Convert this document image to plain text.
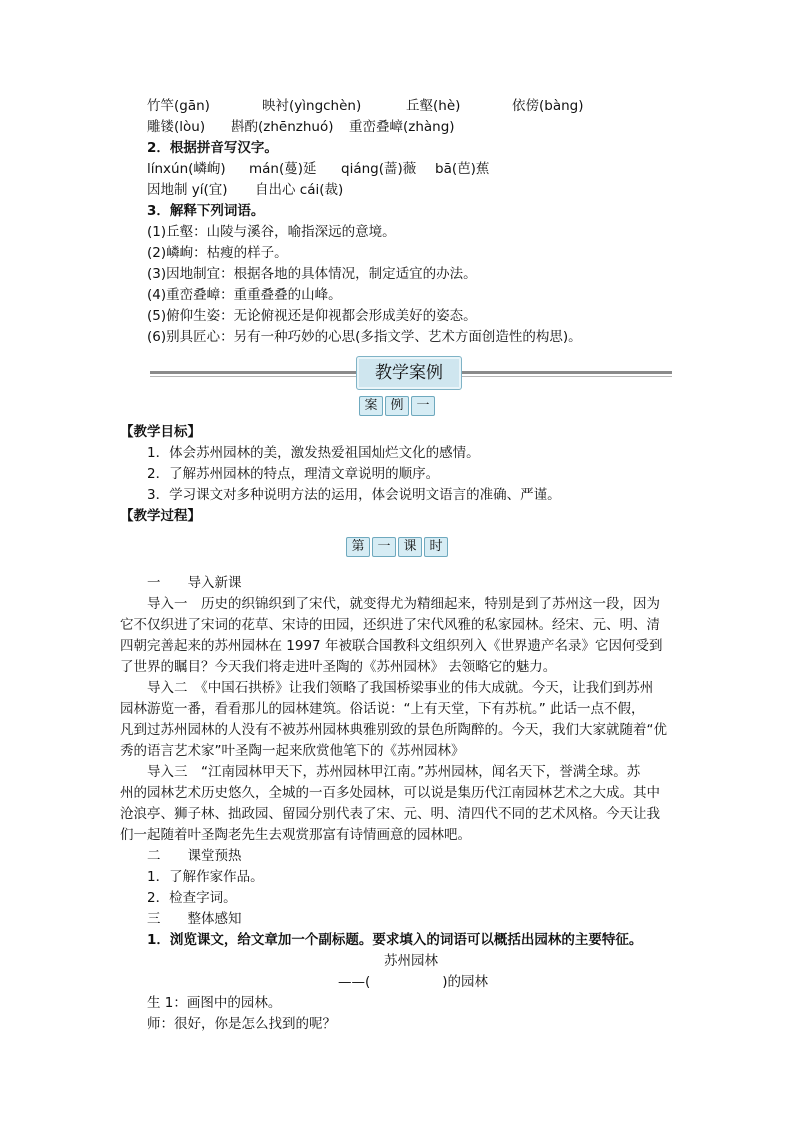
竹竿(gān)	映衬(yìngchèn)	丘壑(hè)	依傍(bàng)
雕镂(lòu) 斟酌(zhēnzhuó) 重峦叠嶂(zhàng)
2．根据拼音写汉字。
línxún(嶙峋) mán(蔓)延 qiáng(蔷)薇 bā(芭)蕉
因地制 yí(宜) 自出心 cái(裁)
3．解释下列词语。
(1)丘壑：山陵与溪谷，喻指深远的意境。
(2)嶙峋：枯瘦的样子。
(3)因地制宜：根据各地的具体情况，制定适宜的办法。
(4)重峦叠嶂：重重叠叠的山峰。
(5)俯仰生姿：无论俯视还是仰视都会形成美好的姿态。
(6)别具匠心：另有一种巧妙的心思(多指文学、艺术方面创造性的构思)。
教学案例
案 例 一
【教学目标】
1．体会苏州园林的美，激发热爱祖国灿烂文化的感情。
2．了解苏州园林的特点，理清文章说明的顺序。
3．学习课文对多种说明方法的运用，体会说明文语言的准确、严谨。
【教学过程】
第 一 课 时
一　　导入新课
导入一　历史的织锦织到了宋代，就变得尤为精细起来，特别是到了苏州这一段，因为
它不仅织进了宋词的花草、宋诗的田园，还织进了宋代风雅的私家园林。经宋、元、明、清
四朝完善起来的苏州园林在 1997 年被联合国教科文组织列入《世界遗产名录》它因何受到
了世界的瞩目？今天我们将走进叶圣陶的《苏州园林》 去领略它的魅力。
导入二　《中国石拱桥》让我们领略了我国桥梁事业的伟大成就。今天，让我们到苏州
园林游览一番，看看那儿的园林建筑。俗话说：“上有天堂，下有苏杭。” 此话一点不假，
凡到过苏州园林的人没有不被苏州园林典雅别致的景色所陶醉的。今天，我们大家就随着“优
秀的语言艺术家”叶圣陶一起来欣赏他笔下的《苏州园林》
导入三　“江南园林甲天下，苏州园林甲江南。”苏州园林，闻名天下，誉满全球。苏
州的园林艺术历史悠久，全城的一百多处园林，可以说是集历代江南园林艺术之大成。其中
沧浪亭、狮子林、拙政园、留园分别代表了宋、元、明、清四代不同的艺术风格。今天让我
们一起随着叶圣陶老先生去观赏那富有诗情画意的园林吧。
二　　课堂预热
1．了解作家作品。
2．检查字词。
三　　整体感知
1．浏览课文，给文章加一个副标题。要求填入的词语可以概括出园林的主要特征。
苏州园林
——(	)的园林
生 1：画图中的园林。
师：很好，你是怎么找到的呢？
